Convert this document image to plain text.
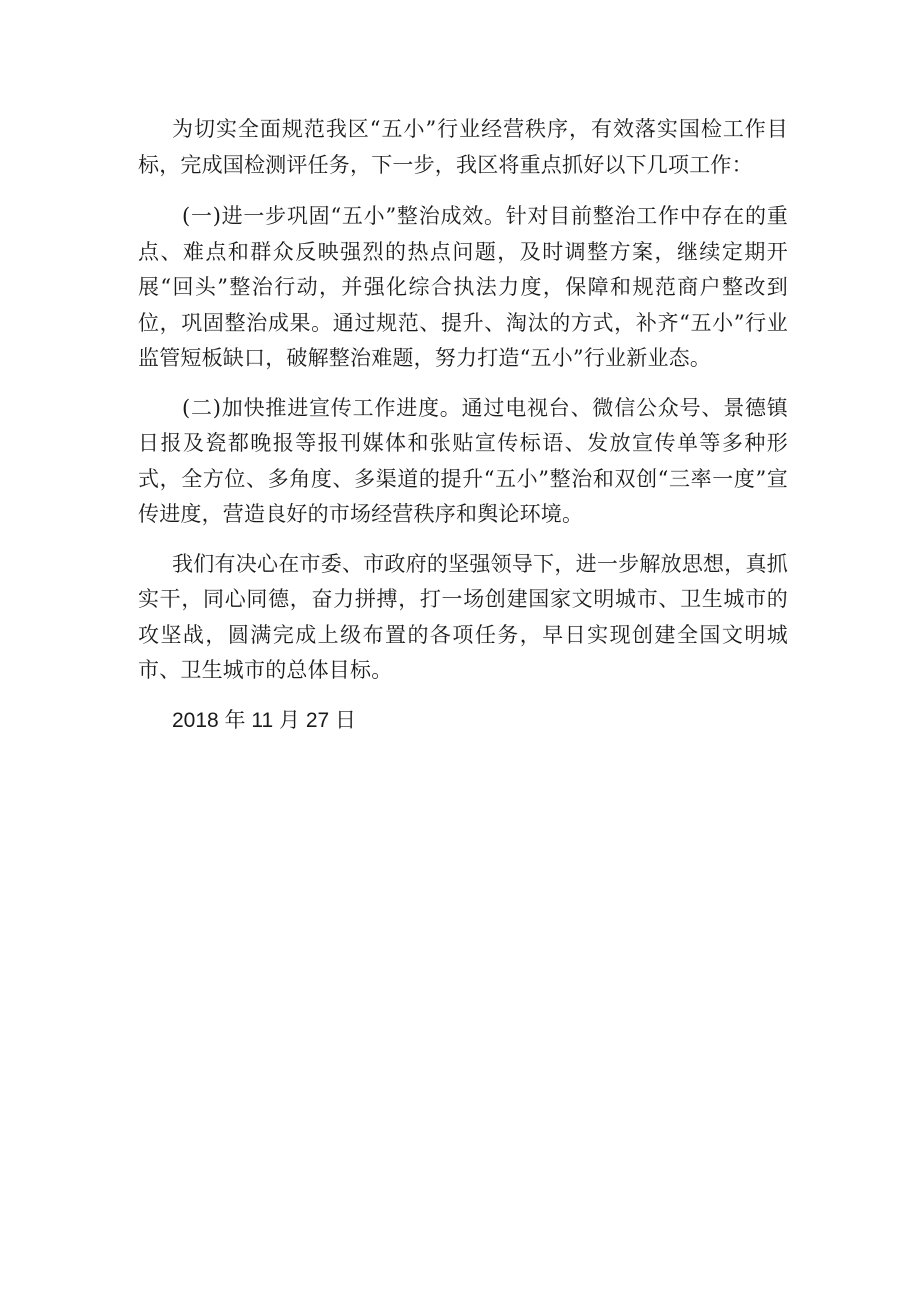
为切实全面规范我区“五小”行业经营秩序，有效落实国检工作目标，完成国检测评任务，下一步，我区将重点抓好以下几项工作：

(一)进一步巩固“五小”整治成效。针对目前整治工作中存在的重点、难点和群众反映强烈的热点问题，及时调整方案，继续定期开展“回头”整治行动，并强化综合执法力度，保障和规范商户整改到位，巩固整治成果。通过规范、提升、淘汰的方式，补齐“五小”行业监管短板缺口，破解整治难题，努力打造“五小”行业新业态。

(二)加快推进宣传工作进度。通过电视台、微信公众号、景德镇日报及瓷都晚报等报刊媒体和张贴宣传标语、发放宣传单等多种形式，全方位、多角度、多渠道的提升“五小”整治和双创“三率一度”宣传进度，营造良好的市场经营秩序和舆论环境。

我们有决心在市委、市政府的坚强领导下，进一步解放思想，真抓实干，同心同德，奋力拼搏，打一场创建国家文明城市、卫生城市的攻坚战，圆满完成上级布置的各项任务，早日实现创建全国文明城市、卫生城市的总体目标。

2018 年 11 月 27 日
